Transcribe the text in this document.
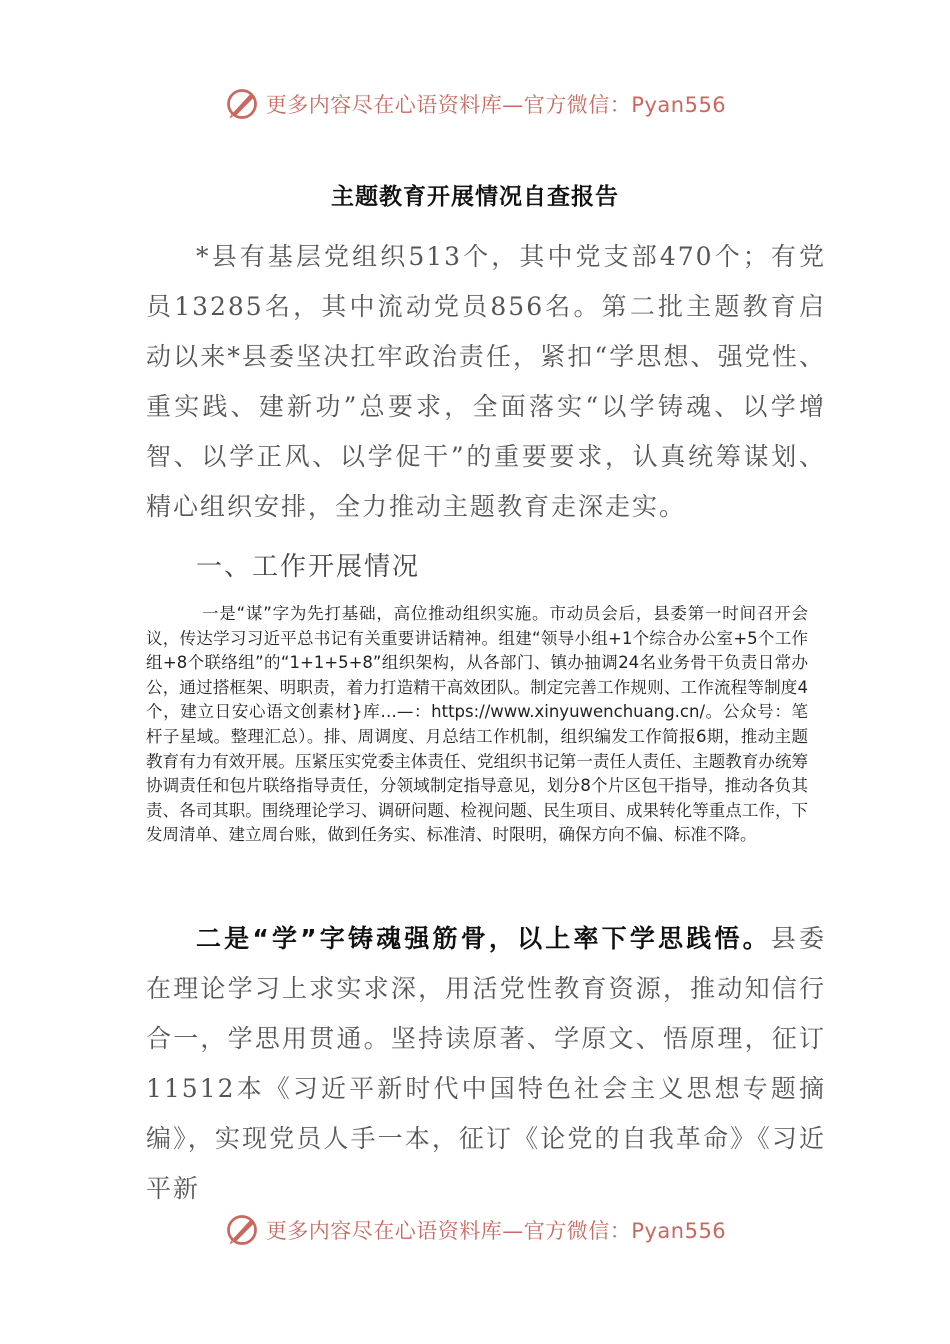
更多内容尽在心语资料库—官方微信：Pyan556
主题教育开展情况自查报告

*县有基层党组织513个，其中党支部470个；有党员13285名，其中流动党员856名。第二批主题教育启动以来*县委坚决扛牢政治责任，紧扣“学思想、强党性、重实践、建新功”总要求，全面落实“以学铸魂、以学增智、以学正风、以学促干”的重要要求，认真统筹谋划、精心组织安排，全力推动主题教育走深走实。

一、工作开展情况

一是“谋”字为先打基础，高位推动组织实施。市动员会后，县委第一时间召开会议，传达学习习近平总书记有关重要讲话精神。组建“领导小组+1个综合办公室+5个工作组+8个联络组”的“1+1+5+8”组织架构，从各部门、镇办抽调24名业务骨干负责日常办公，通过搭框架、明职责，着力打造精干高效团队。制定完善工作规则、工作流程等制度4个，建立日安心语文创素材}库…—：https://www.xinyuwenchuang.cn/。公众号：笔杆子星域。整理汇总）。排、周调度、月总结工作机制，组织编发工作简报6期，推动主题教育有力有效开展。压紧压实党委主体责任、党组织书记第一责任人责任、主题教育办统筹协调责任和包片联络指导责任，分领域制定指导意见，划分8个片区包干指导，推动各负其责、各司其职。围绕理论学习、调研问题、检视问题、民生项目、成果转化等重点工作，下发周清单、建立周台账，做到任务实、标准清、时限明，确保方向不偏、标准不降。

二是“学”字铸魂强筋骨，以上率下学思践悟。县委在理论学习上求实求深，用活党性教育资源，推动知信行合一，学思用贯通。坚持读原著、学原文、悟原理，征订11512本《习近平新时代中国特色社会主义思想专题摘编》，实现党员人手一本，征订《论党的自我革命》《习近平新

更多内容尽在心语资料库—官方微信：Pyan556
